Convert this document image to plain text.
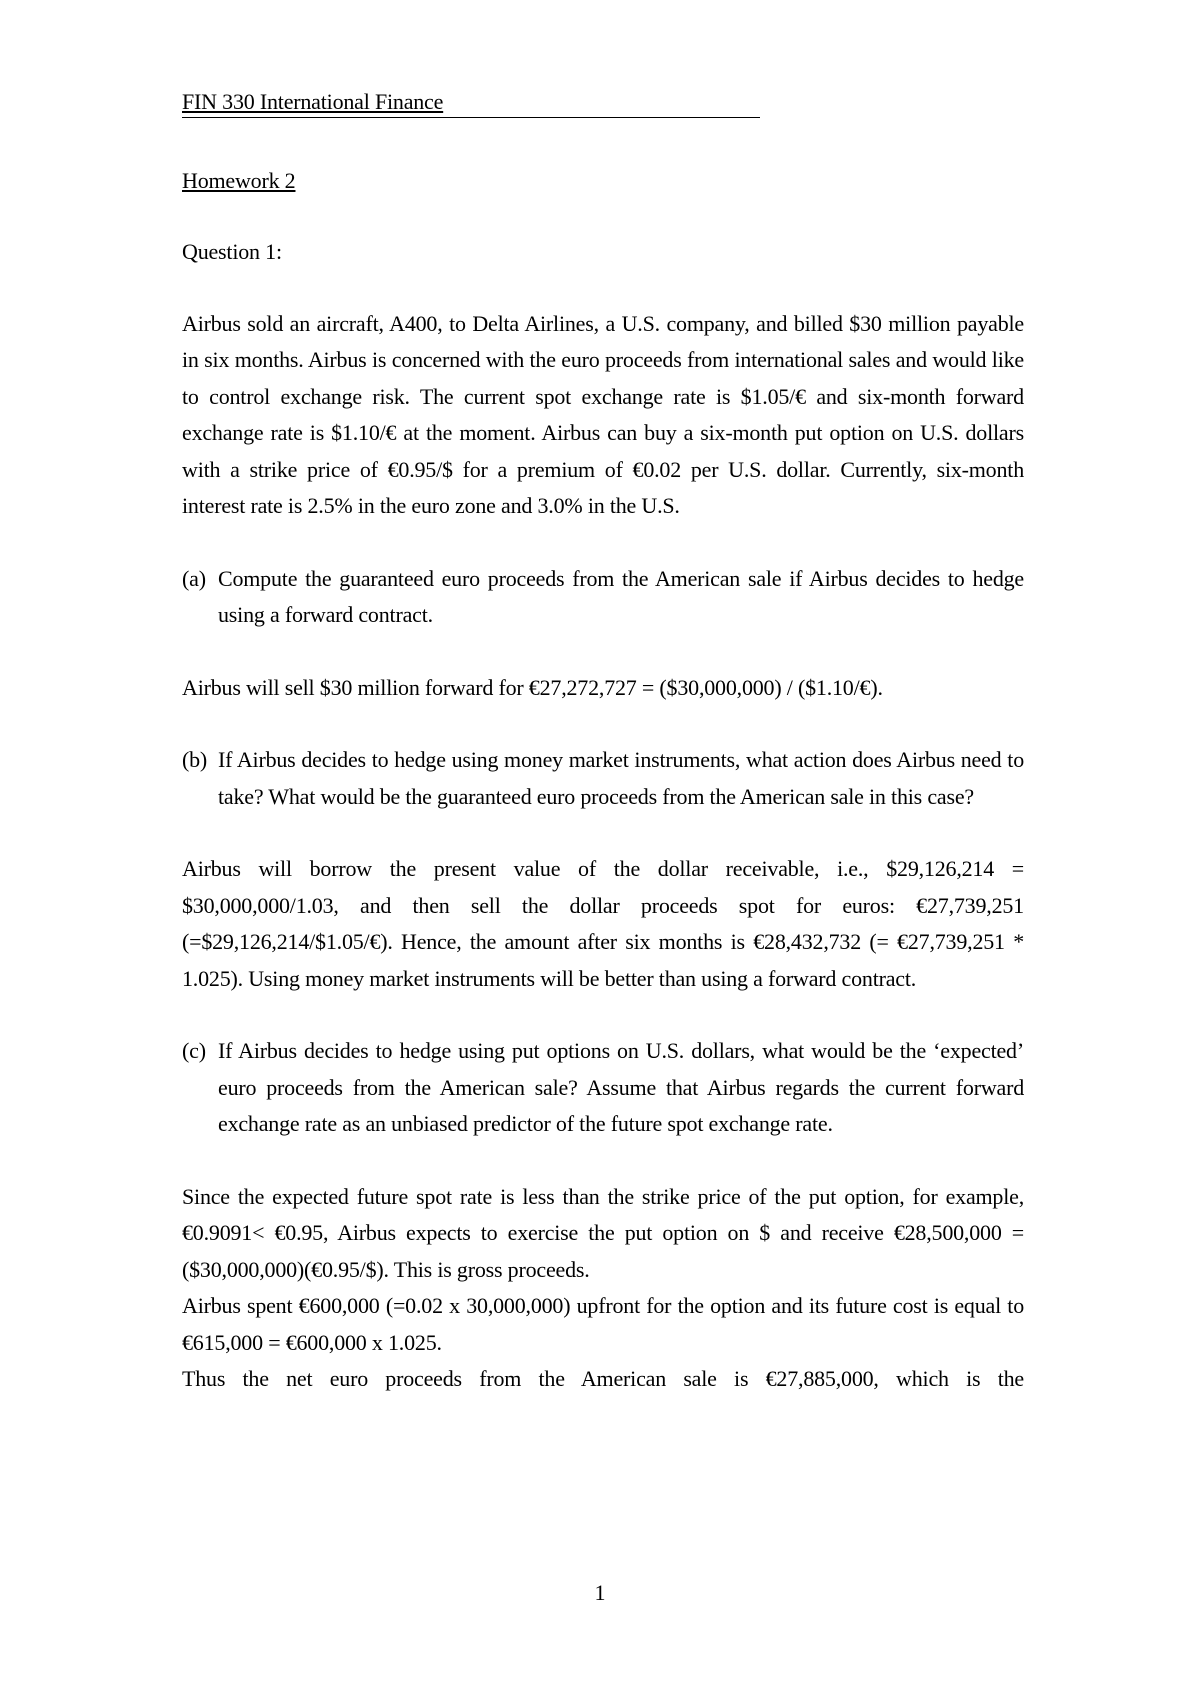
FIN 330 International Finance

Homework 2

Question 1:

Airbus sold an aircraft, A400, to Delta Airlines, a U.S. company, and billed $30 million payable in six months. Airbus is concerned with the euro proceeds from international sales and would like to control exchange risk. The current spot exchange rate is $1.05/€ and six-month forward exchange rate is $1.10/€ at the moment. Airbus can buy a six-month put option on U.S. dollars with a strike price of €0.95/$ for a premium of €0.02 per U.S. dollar. Currently, six-month interest rate is 2.5% in the euro zone and 3.0% in the U.S.

(a) Compute the guaranteed euro proceeds from the American sale if Airbus decides to hedge using a forward contract.

Airbus will sell $30 million forward for €27,272,727 = ($30,000,000) / ($1.10/€).

(b) If Airbus decides to hedge using money market instruments, what action does Airbus need to take? What would be the guaranteed euro proceeds from the American sale in this case?

Airbus will borrow the present value of the dollar receivable, i.e., $29,126,214 = $30,000,000/1.03, and then sell the dollar proceeds spot for euros: €27,739,251 (=$29,126,214/$1.05/€). Hence, the amount after six months is €28,432,732 (= €27,739,251 * 1.025). Using money market instruments will be better than using a forward contract.

(c) If Airbus decides to hedge using put options on U.S. dollars, what would be the ‘expected’ euro proceeds from the American sale? Assume that Airbus regards the current forward exchange rate as an unbiased predictor of the future spot exchange rate.

Since the expected future spot rate is less than the strike price of the put option, for example, €0.9091< €0.95, Airbus expects to exercise the put option on $ and receive €28,500,000 = ($30,000,000)(€0.95/$). This is gross proceeds.

Airbus spent €600,000 (=0.02 x 30,000,000) upfront for the option and its future cost is equal to €615,000 = €600,000 x 1.025.

Thus the net euro proceeds from the American sale is €27,885,000, which is the

1
